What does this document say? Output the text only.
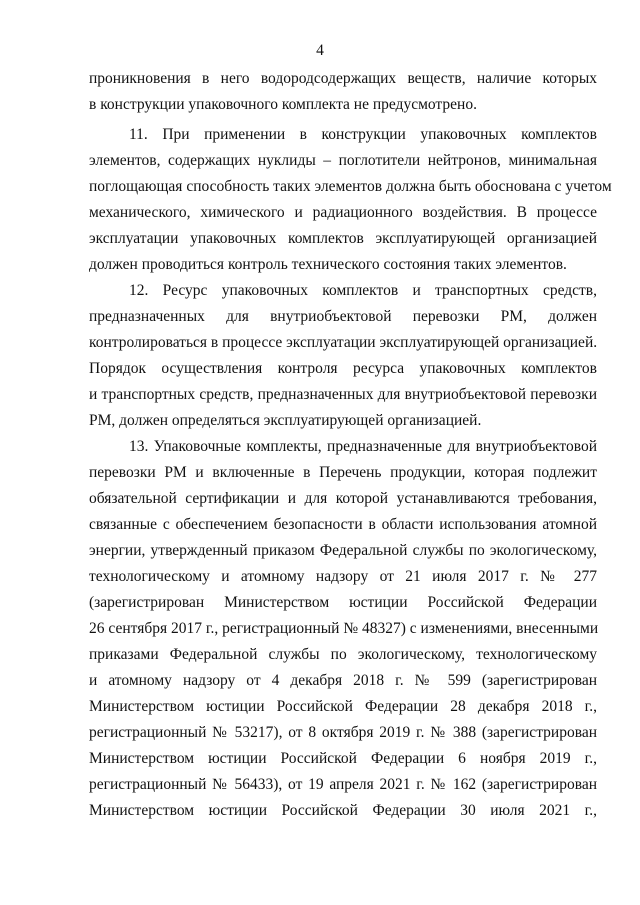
4
проникновения в него водородсодержащих веществ, наличие которых
в конструкции упаковочного комплекта не предусмотрено.
11. При применении в конструкции упаковочных комплектов
элементов, содержащих нуклиды – поглотители нейтронов, минимальная
поглощающая способность таких элементов должна быть обоснована с учетом
механического, химического и радиационного воздействия. В процессе
эксплуатации упаковочных комплектов эксплуатирующей организацией
должен проводиться контроль технического состояния таких элементов.
12. Ресурс упаковочных комплектов и транспортных средств,
предназначенных для внутриобъектовой перевозки РМ, должен
контролироваться в процессе эксплуатации эксплуатирующей организацией.
Порядок осуществления контроля ресурса упаковочных комплектов
и транспортных средств, предназначенных для внутриобъектовой перевозки
РМ, должен определяться эксплуатирующей организацией.
13. Упаковочные комплекты, предназначенные для внутриобъектовой
перевозки РМ и включенные в Перечень продукции, которая подлежит
обязательной сертификации и для которой устанавливаются требования,
связанные с обеспечением безопасности в области использования атомной
энергии, утвержденный приказом Федеральной службы по экологическому,
технологическому и атомному надзору от 21 июля 2017 г. № 277
(зарегистрирован Министерством юстиции Российской Федерации
26 сентября 2017 г., регистрационный № 48327) с изменениями, внесенными
приказами Федеральной службы по экологическому, технологическому
и атомному надзору от 4 декабря 2018 г. № 599 (зарегистрирован
Министерством юстиции Российской Федерации 28 декабря 2018 г.,
регистрационный № 53217), от 8 октября 2019 г. № 388 (зарегистрирован
Министерством юстиции Российской Федерации 6 ноября 2019 г.,
регистрационный № 56433), от 19 апреля 2021 г. № 162 (зарегистрирован
Министерством юстиции Российской Федерации 30 июля 2021 г.,
